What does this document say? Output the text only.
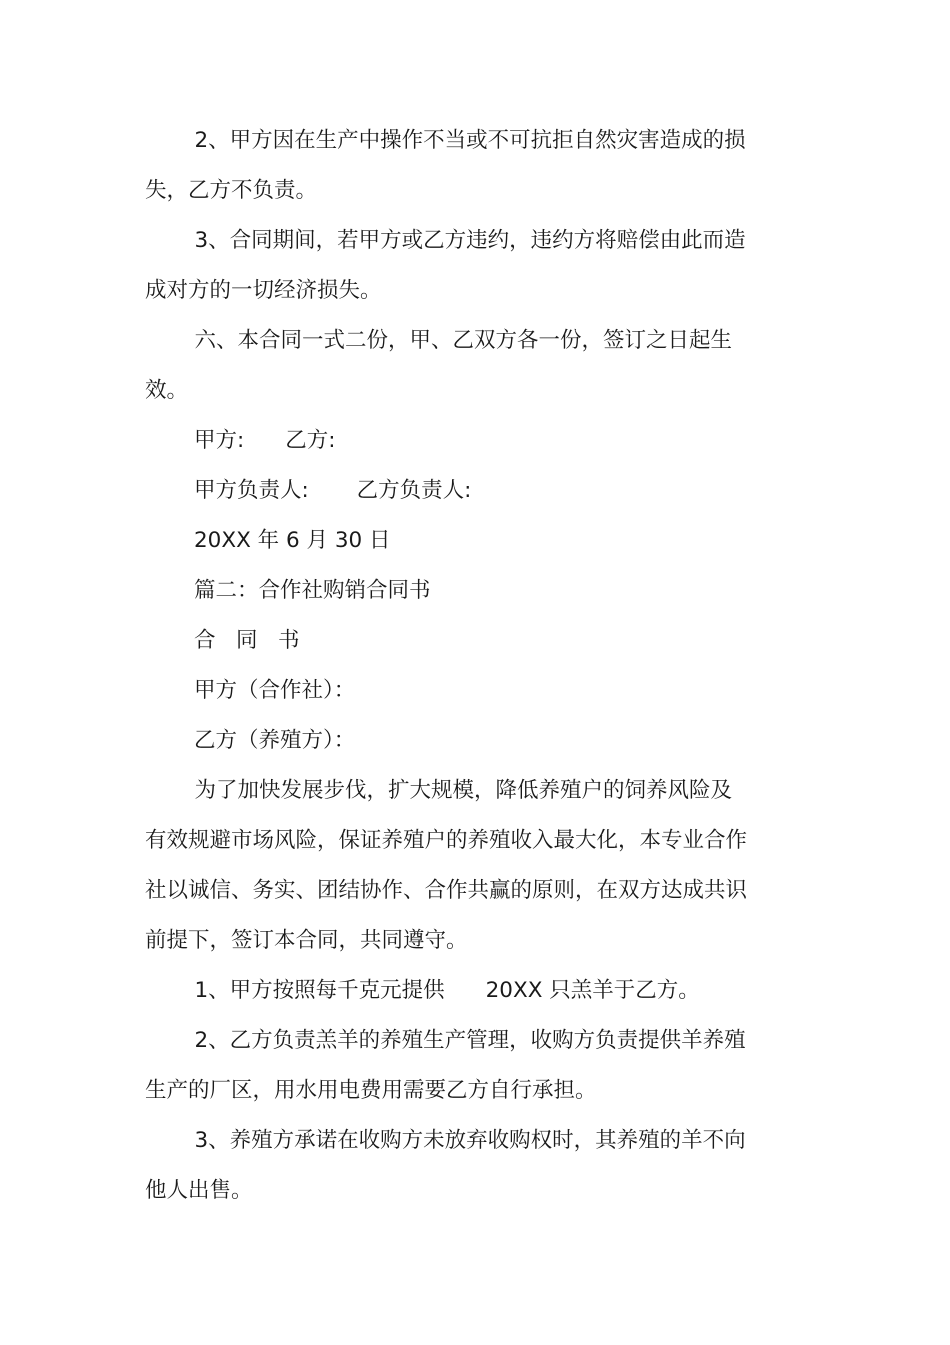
2、甲方因在生产中操作不当或不可抗拒自然灾害造成的损失，乙方不负责。

3、合同期间，若甲方或乙方违约，违约方将赔偿由此而造成对方的一切经济损失。

六、本合同一式二份，甲、乙双方各一份，签订之日起生效。

甲方:      乙方:

甲方负责人:       乙方负责人:

20XX 年 6 月 30 日

篇二：合作社购销合同书

合   同   书

甲方（合作社）：

乙方（养殖方）：

为了加快发展步伐，扩大规模，降低养殖户的饲养风险及有效规避市场风险，保证养殖户的养殖收入最大化，本专业合作社以诚信、务实、团结协作、合作共赢的原则，在双方达成共识前提下，签订本合同，共同遵守。

1、甲方按照每千克元提供      20XX 只羔羊于乙方。

2、乙方负责羔羊的养殖生产管理，收购方负责提供羊养殖生产的厂区，用水用电费用需要乙方自行承担。

3、养殖方承诺在收购方未放弃收购权时，其养殖的羊不向他人出售。
